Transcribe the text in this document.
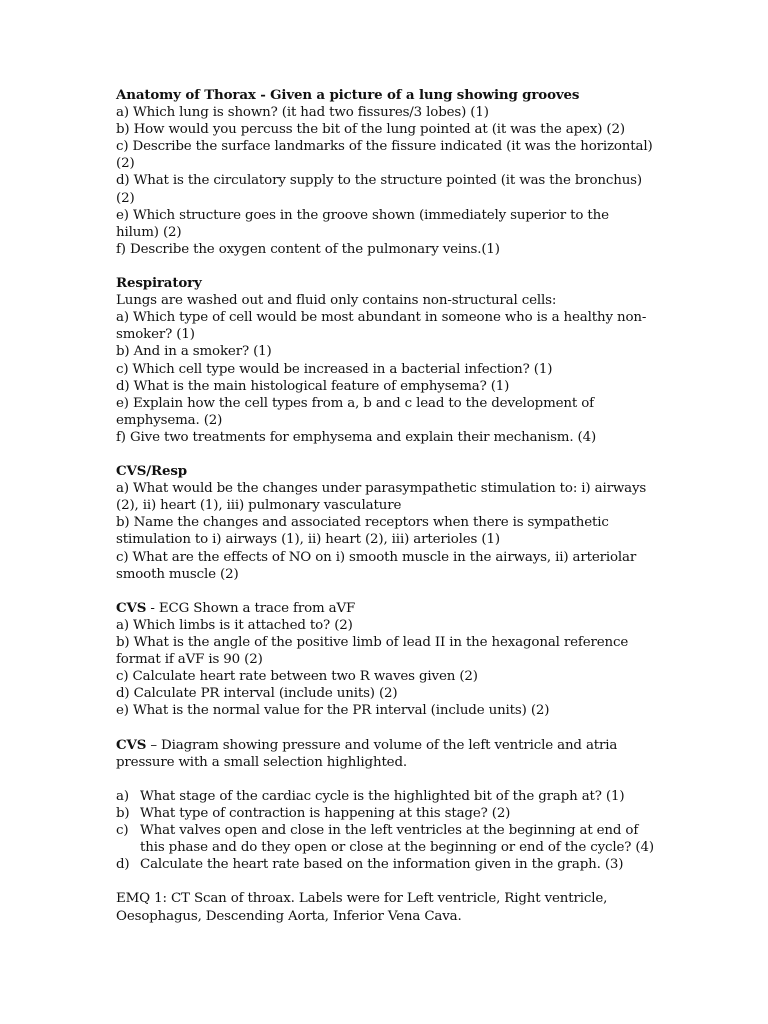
Anatomy of Thorax - Given a picture of a lung showing grooves
a) Which lung is shown? (it had two fissures/3 lobes) (1)
b) How would you percuss the bit of the lung pointed at (it was the apex) (2)
c) Describe the surface landmarks of the fissure indicated (it was the horizontal)
(2)
d) What is the circulatory supply to the structure pointed (it was the bronchus)
(2)
e) Which structure goes in the groove shown (immediately superior to the
hilum) (2)
f) Describe the oxygen content of the pulmonary veins.(1)
Respiratory
Lungs are washed out and fluid only contains non-structural cells:
a) Which type of cell would be most abundant in someone who is a healthy non-
smoker? (1)
b) And in a smoker? (1)
c) Which cell type would be increased in a bacterial infection? (1)
d) What is the main histological feature of emphysema? (1)
e) Explain how the cell types from a, b and c lead to the development of
emphysema. (2)
f) Give two treatments for emphysema and explain their mechanism. (4)
CVS/Resp
a) What would be the changes under parasympathetic stimulation to: i) airways
(2), ii) heart (1), iii) pulmonary vasculature
b) Name the changes and associated receptors when there is sympathetic
stimulation to i) airways (1), ii) heart (2), iii) arterioles (1)
c) What are the effects of NO on i) smooth muscle in the airways, ii) arteriolar
smooth muscle (2)
CVS - ECG Shown a trace from aVF
a) Which limbs is it attached to? (2)
b) What is the angle of the positive limb of lead II in the hexagonal reference
format if aVF is 90 (2)
c) Calculate heart rate between two R waves given (2)
d) Calculate PR interval (include units) (2)
e) What is the normal value for the PR interval (include units) (2)
CVS – Diagram showing pressure and volume of the left ventricle and atria
pressure with a small selection highlighted.
a) What stage of the cardiac cycle is the highlighted bit of the graph at? (1)
b) What type of contraction is happening at this stage? (2)
c) What valves open and close in the left ventricles at the beginning at end of
this phase and do they open or close at the beginning or end of the cycle? (4)
d) Calculate the heart rate based on the information given in the graph. (3)
EMQ 1: CT Scan of throax. Labels were for Left ventricle, Right ventricle,
Oesophagus, Descending Aorta, Inferior Vena Cava.
